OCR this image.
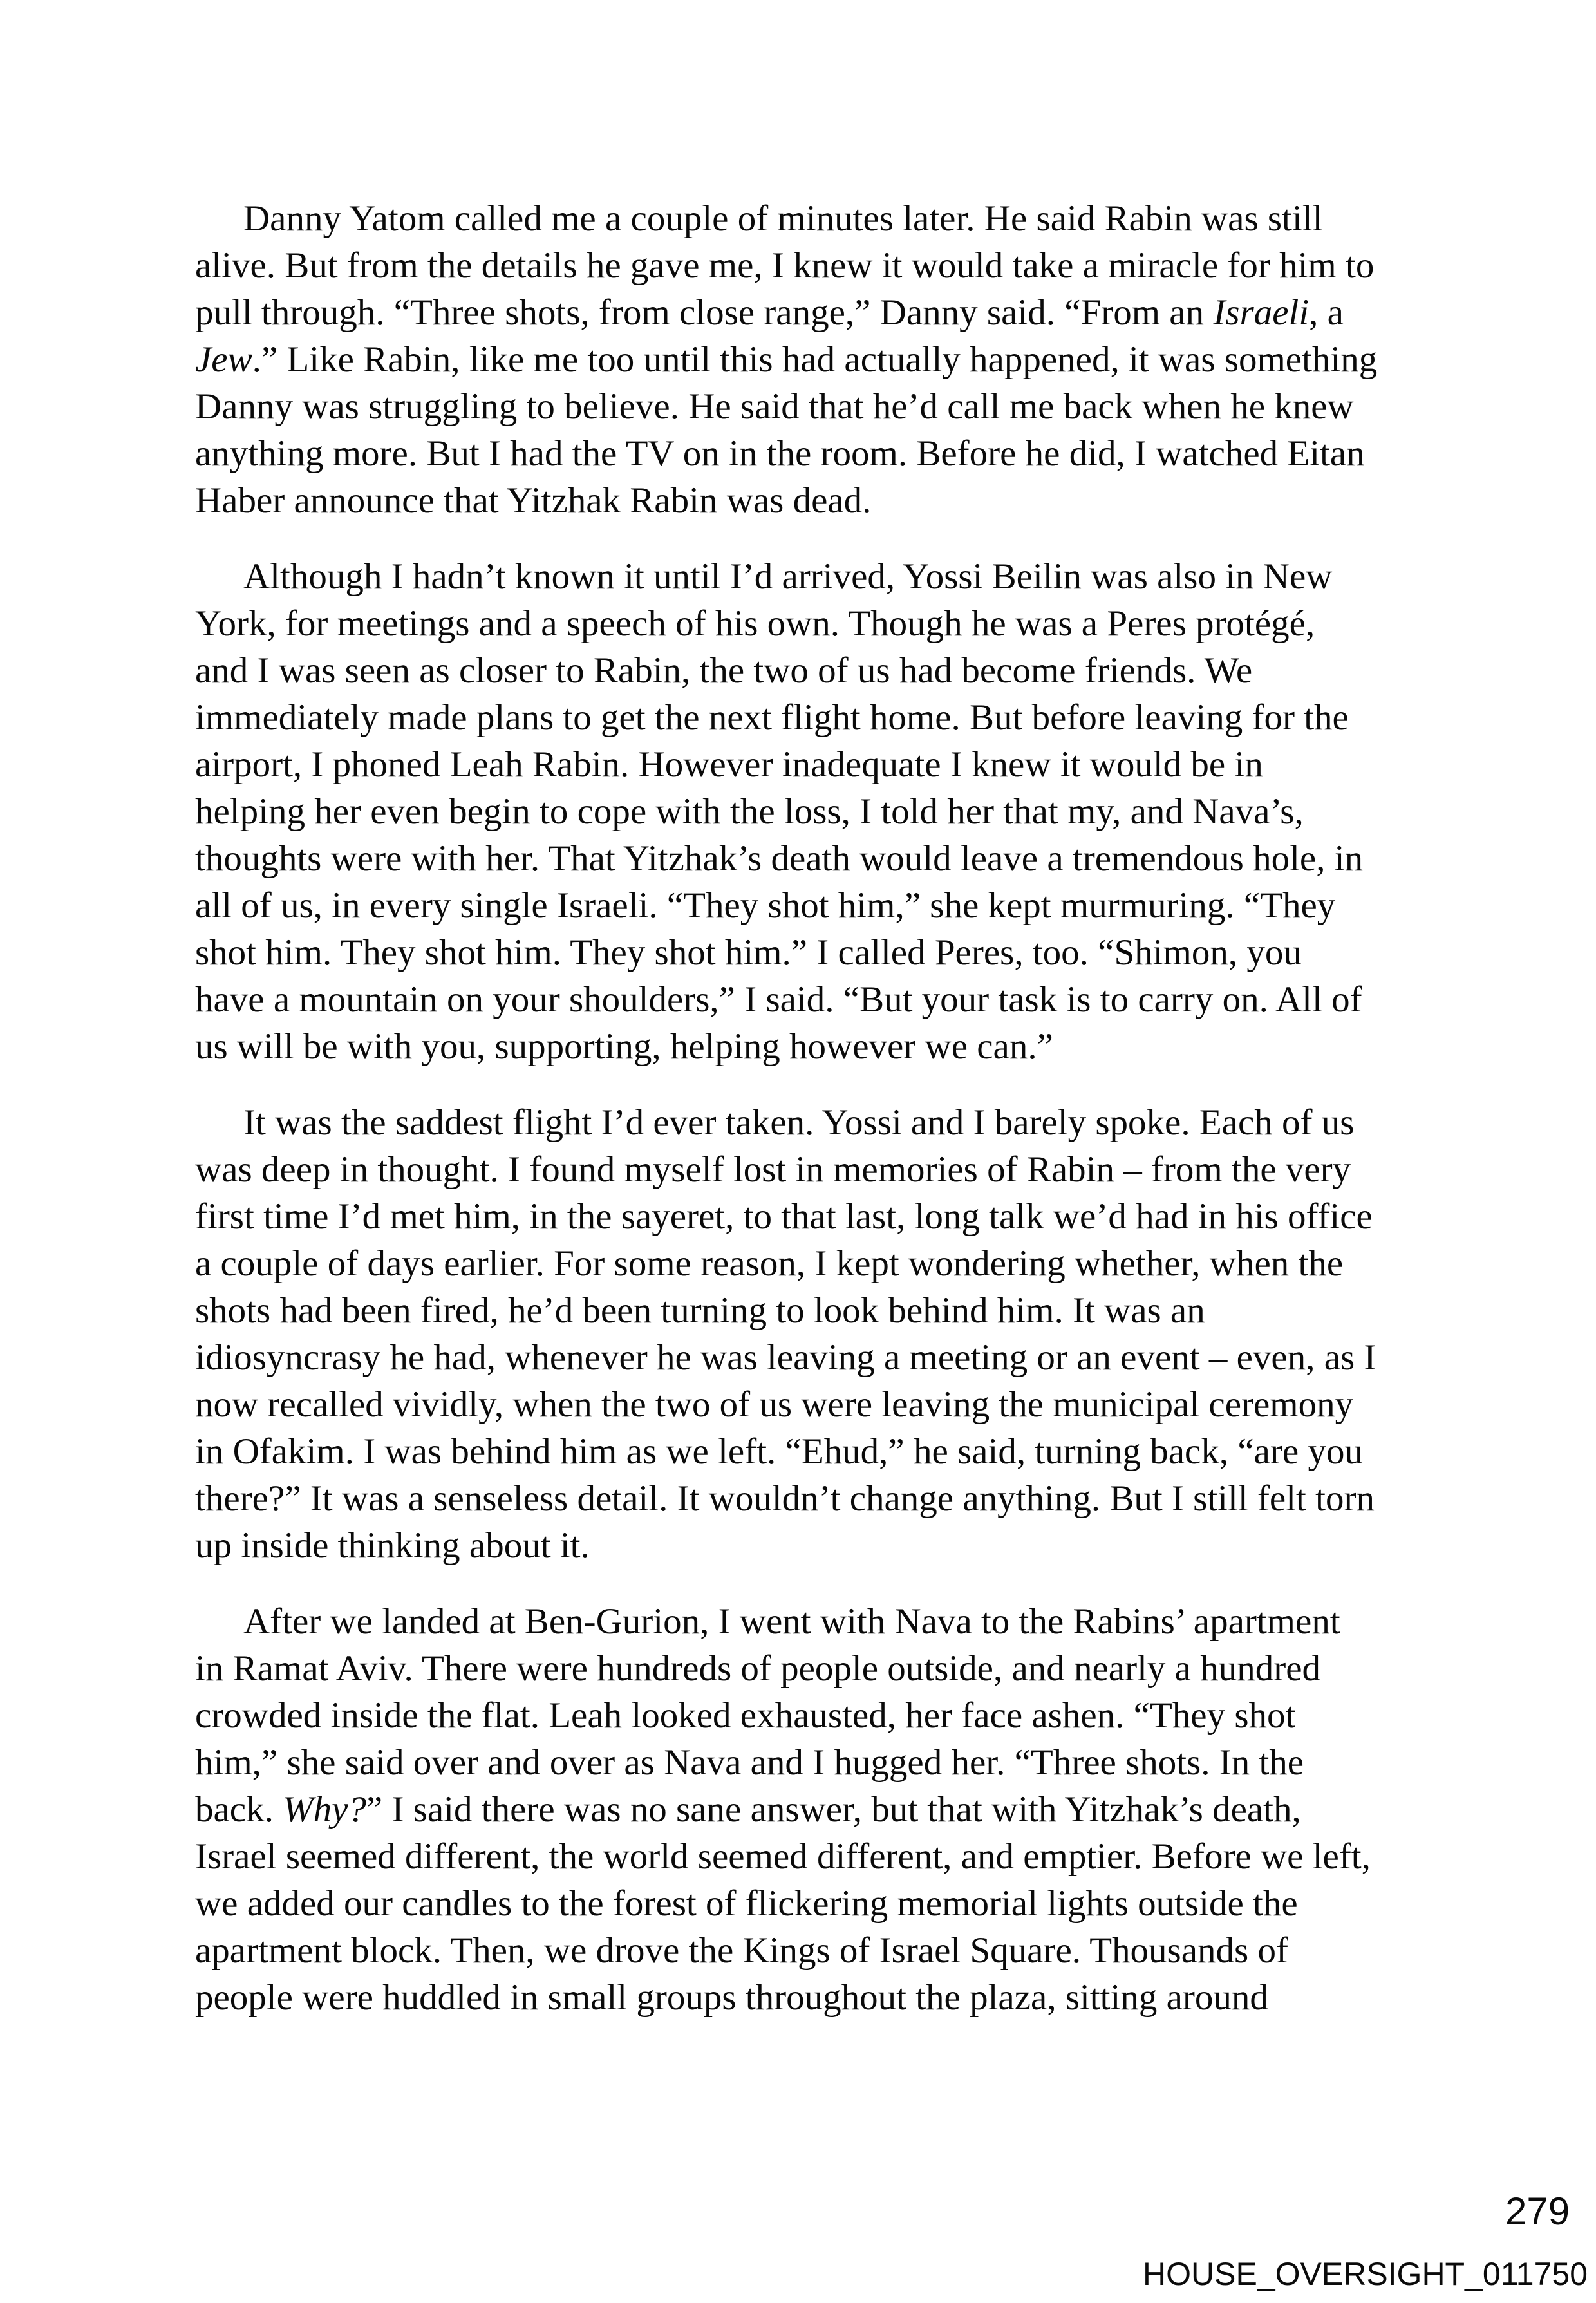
Danny Yatom called me a couple of minutes later. He said Rabin was still
alive. But from the details he gave me, I knew it would take a miracle for him to
pull through. “Three shots, from close range,” Danny said. “From an Israeli, a
Jew.” Like Rabin, like me too until this had actually happened, it was something
Danny was struggling to believe. He said that he’d call me back when he knew
anything more. But I had the TV on in the room. Before he did, I watched Eitan
Haber announce that Yitzhak Rabin was dead.
Although I hadn’t known it until I’d arrived, Yossi Beilin was also in New
York, for meetings and a speech of his own. Though he was a Peres protégé,
and I was seen as closer to Rabin, the two of us had become friends. We
immediately made plans to get the next flight home. But before leaving for the
airport, I phoned Leah Rabin. However inadequate I knew it would be in
helping her even begin to cope with the loss, I told her that my, and Nava’s,
thoughts were with her. That Yitzhak’s death would leave a tremendous hole, in
all of us, in every single Israeli. “They shot him,” she kept murmuring. “They
shot him. They shot him. They shot him.” I called Peres, too. “Shimon, you
have a mountain on your shoulders,” I said. “But your task is to carry on. All of
us will be with you, supporting, helping however we can.”
It was the saddest flight I’d ever taken. Yossi and I barely spoke. Each of us
was deep in thought. I found myself lost in memories of Rabin – from the very
first time I’d met him, in the sayeret, to that last, long talk we’d had in his office
a couple of days earlier. For some reason, I kept wondering whether, when the
shots had been fired, he’d been turning to look behind him. It was an
idiosyncrasy he had, whenever he was leaving a meeting or an event – even, as I
now recalled vividly, when the two of us were leaving the municipal ceremony
in Ofakim. I was behind him as we left. “Ehud,” he said, turning back, “are you
there?” It was a senseless detail. It wouldn’t change anything. But I still felt torn
up inside thinking about it.
After we landed at Ben-Gurion, I went with Nava to the Rabins’ apartment
in Ramat Aviv. There were hundreds of people outside, and nearly a hundred
crowded inside the flat. Leah looked exhausted, her face ashen. “They shot
him,” she said over and over as Nava and I hugged her. “Three shots. In the
back. Why?” I said there was no sane answer, but that with Yitzhak’s death,
Israel seemed different, the world seemed different, and emptier. Before we left,
we added our candles to the forest of flickering memorial lights outside the
apartment block. Then, we drove the Kings of Israel Square. Thousands of
people were huddled in small groups throughout the plaza, sitting around
279
HOUSE_OVERSIGHT_011750
